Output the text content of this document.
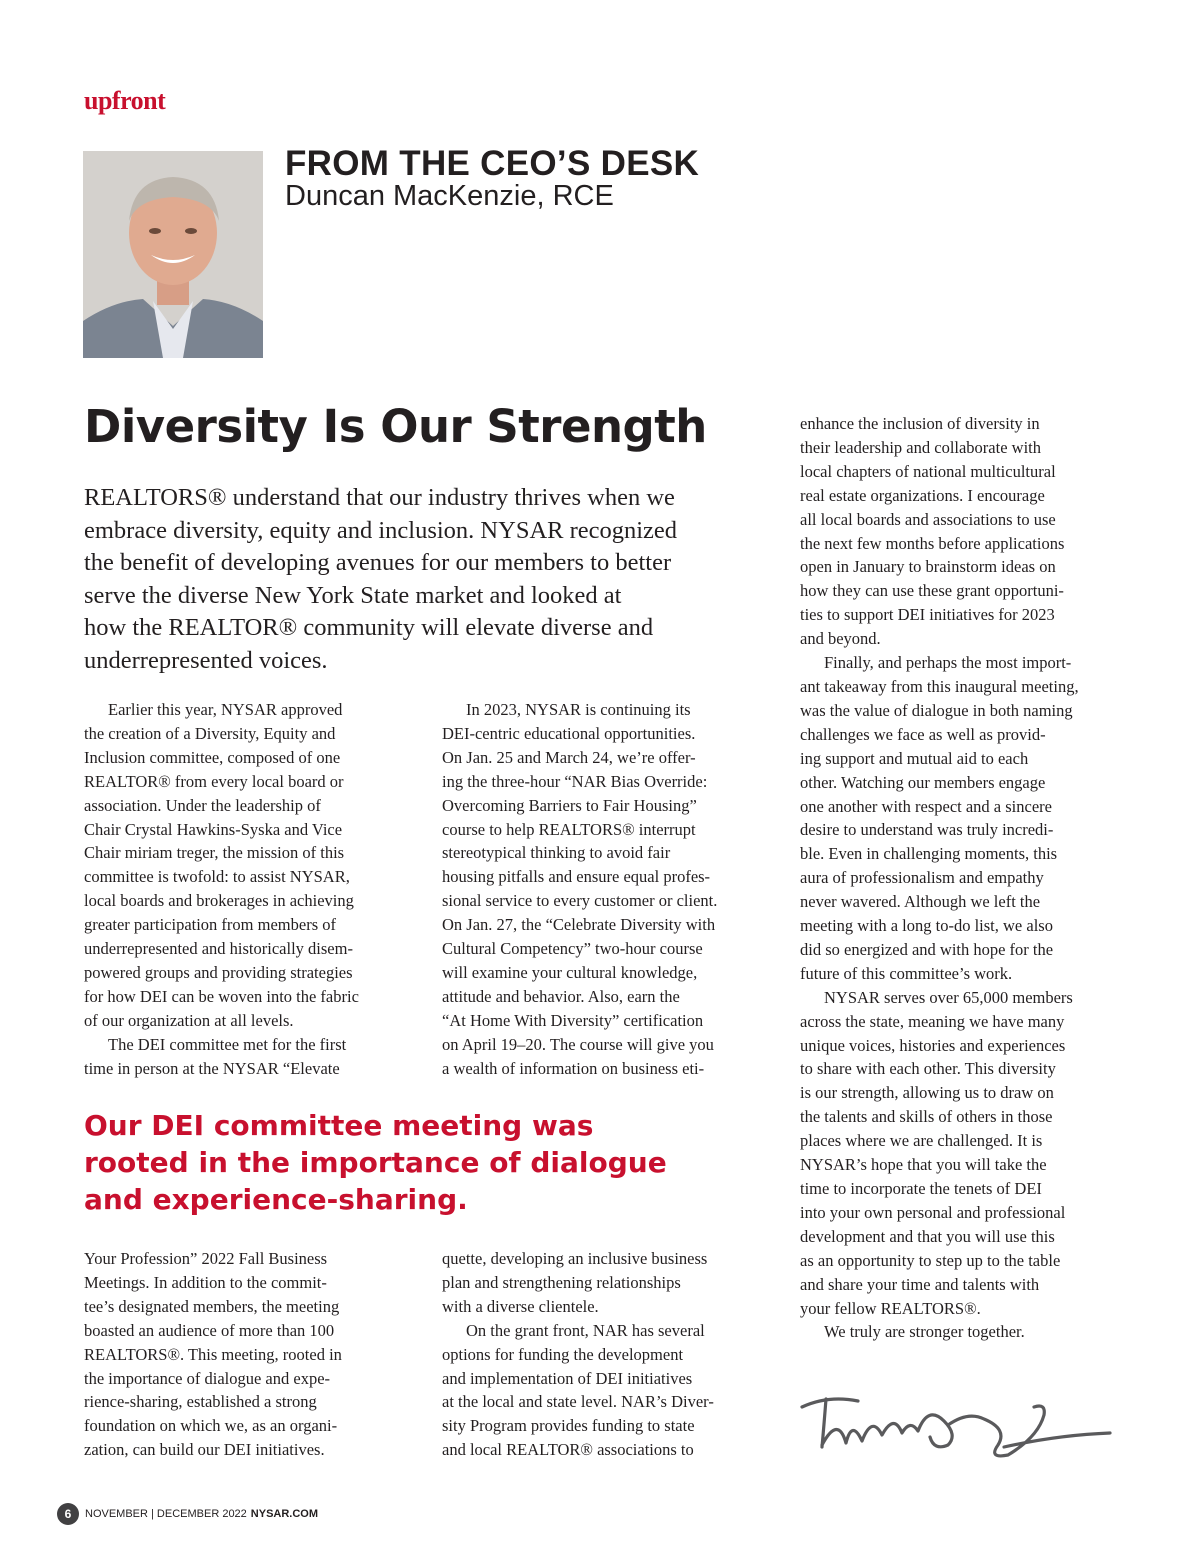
upfront
FROM THE CEO’S DESK
Duncan MacKenzie, RCE
Diversity Is Our Strength
REALTORS® understand that our industry thrives when we
embrace diversity, equity and inclusion. NYSAR recognized
the benefit of developing avenues for our members to better
serve the diverse New York State market and looked at
how the REALTOR® community will elevate diverse and
underrepresented voices.
Earlier this year, NYSAR approved
the creation of a Diversity, Equity and
Inclusion committee, composed of one
REALTOR® from every local board or
association. Under the leadership of
Chair Crystal Hawkins-Syska and Vice
Chair miriam treger, the mission of this
committee is twofold: to assist NYSAR,
local boards and brokerages in achieving
greater participation from members of
underrepresented and historically disem-
powered groups and providing strategies
for how DEI can be woven into the fabric
of our organization at all levels.
The DEI committee met for the first
time in person at the NYSAR “Elevate
In 2023, NYSAR is continuing its
DEI-centric educational opportunities.
On Jan. 25 and March 24, we’re offer-
ing the three-hour “NAR Bias Override:
Overcoming Barriers to Fair Housing”
course to help REALTORS® interrupt
stereotypical thinking to avoid fair
housing pitfalls and ensure equal profes-
sional service to every customer or client.
On Jan. 27, the “Celebrate Diversity with
Cultural Competency” two-hour course
will examine your cultural knowledge,
attitude and behavior. Also, earn the
“At Home With Diversity” certification
on April 19–20. The course will give you
a wealth of information on business eti-
Our DEI committee meeting was
rooted in the importance of dialogue
and experience-sharing.
Your Profession” 2022 Fall Business
Meetings. In addition to the commit-
tee’s designated members, the meeting
boasted an audience of more than 100
REALTORS®. This meeting, rooted in
the importance of dialogue and expe-
rience-sharing, established a strong
foundation on which we, as an organi-
zation, can build our DEI initiatives.
quette, developing an inclusive business
plan and strengthening relationships
with a diverse clientele.
On the grant front, NAR has several
options for funding the development
and implementation of DEI initiatives
at the local and state level. NAR’s Diver-
sity Program provides funding to state
and local REALTOR® associations to
enhance the inclusion of diversity in
their leadership and collaborate with
local chapters of national multicultural
real estate organizations. I encourage
all local boards and associations to use
the next few months before applications
open in January to brainstorm ideas on
how they can use these grant opportuni-
ties to support DEI initiatives for 2023
and beyond.
Finally, and perhaps the most import-
ant takeaway from this inaugural meeting,
was the value of dialogue in both naming
challenges we face as well as provid-
ing support and mutual aid to each
other. Watching our members engage
one another with respect and a sincere
desire to understand was truly incredi-
ble. Even in challenging moments, this
aura of professionalism and empathy
never wavered. Although we left the
meeting with a long to-do list, we also
did so energized and with hope for the
future of this committee’s work.
NYSAR serves over 65,000 members
across the state, meaning we have many
unique voices, histories and experiences
to share with each other. This diversity
is our strength, allowing us to draw on
the talents and skills of others in those
places where we are challenged. It is
NYSAR’s hope that you will take the
time to incorporate the tenets of DEI
into your own personal and professional
development and that you will use this
as an opportunity to step up to the table
and share your time and talents with
your fellow REALTORS®.
We truly are stronger together.
6	NOVEMBER | DECEMBER 2022 NYSAR.COM
